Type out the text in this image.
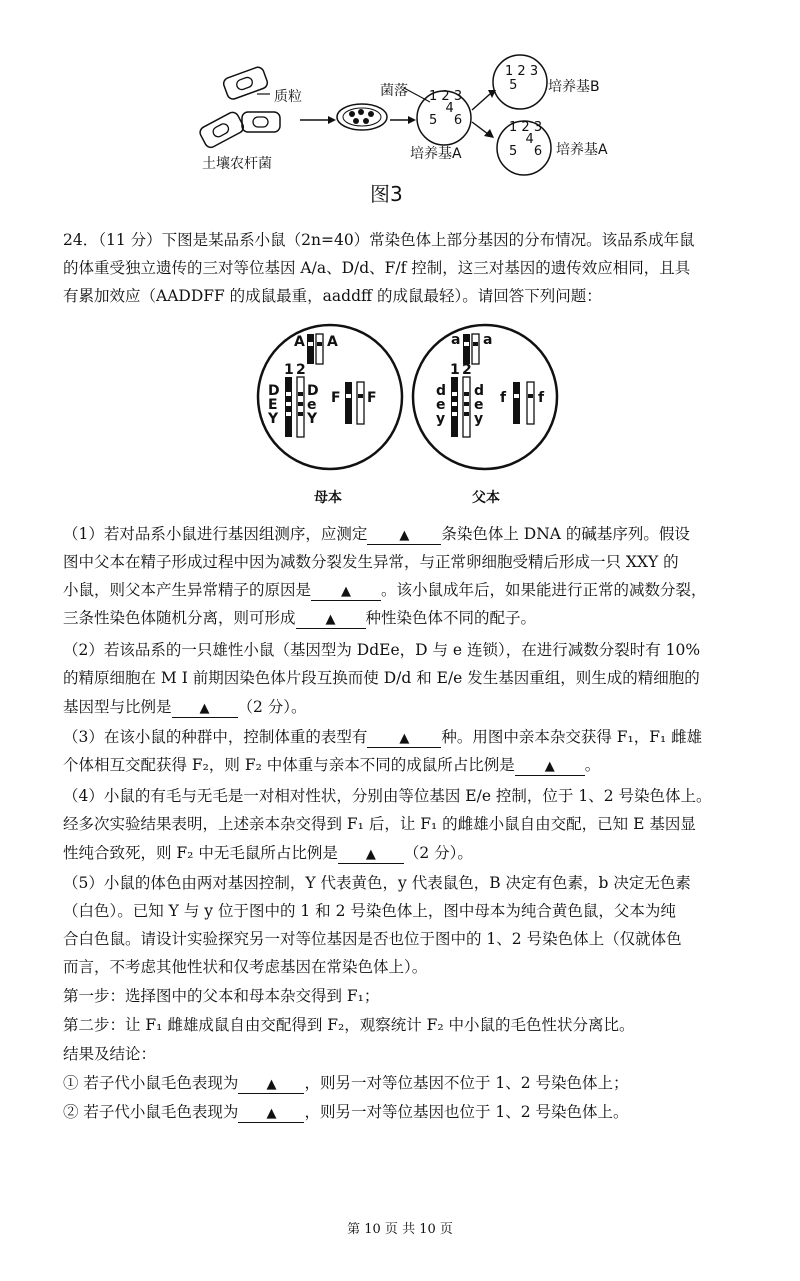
1 2 3
4
5 6
1 2 3
5
1 2 3
4
5 6
质粒
土壤农杆菌
菌落
培养基A
培养基B
培养基A
图3
24．（11 分）下图是某品系小鼠（2n=40）常染色体上部分基因的分布情况。该品系成年鼠
的体重受独立遗传的三对等位基因 A/a、D/d、F/f 控制，这三对基因的遗传效应相同，且具
有累加效应（AADDFF 的成鼠最重，aaddff 的成鼠最轻）。请回答下列问题：
A A
1 2
D
E
Y
D
e
Y
F F
a a
1 2
d
e
y
d
e
y
f f
母本	父本
（1）若对品系小鼠进行基因组测序，应测定 ▲ 条染色体上 DNA 的碱基序列。假设
图中父本在精子形成过程中因为减数分裂发生异常，与正常卵细胞受精后形成一只 XXY 的
小鼠，则父本产生异常精子的原因是 ▲ 。该小鼠成年后，如果能进行正常的减数分裂，
三条性染色体随机分离，则可形成 ▲ 种性染色体不同的配子。
（2）若该品系的一只雄性小鼠（基因型为 DdEe，D 与 e 连锁），在进行减数分裂时有 10%
的精原细胞在 M I 前期因染色体片段互换而使 D/d 和 E/e 发生基因重组，则生成的精细胞的
基因型与比例是 ▲ （2 分）。
（3）在该小鼠的种群中，控制体重的表型有 ▲ 种。用图中亲本杂交获得 F₁，F₁ 雌雄
个体相互交配获得 F₂，则 F₂ 中体重与亲本不同的成鼠所占比例是 ▲ 。
（4）小鼠的有毛与无毛是一对相对性状，分别由等位基因 E/e 控制，位于 1、2 号染色体上。
经多次实验结果表明，上述亲本杂交得到 F₁ 后，让 F₁ 的雌雄小鼠自由交配，已知 E 基因显
性纯合致死，则 F₂ 中无毛鼠所占比例是 ▲ （2 分）。
（5）小鼠的体色由两对基因控制，Y 代表黄色，y 代表鼠色，B 决定有色素，b 决定无色素
（白色）。已知 Y 与 y 位于图中的 1 和 2 号染色体上，图中母本为纯合黄色鼠，父本为纯
合白色鼠。请设计实验探究另一对等位基因是否也位于图中的 1、2 号染色体上（仅就体色
而言，不考虑其他性状和仅考虑基因在常染色体上）。
第一步：选择图中的父本和母本杂交得到 F₁；
第二步：让 F₁ 雌雄成鼠自由交配得到 F₂，观察统计 F₂ 中小鼠的毛色性状分离比。
结果及结论：
① 若子代小鼠毛色表现为 ▲ ，则另一对等位基因不位于 1、2 号染色体上；
② 若子代小鼠毛色表现为 ▲ ，则另一对等位基因也位于 1、2 号染色体上。
第 10 页 共 10 页
